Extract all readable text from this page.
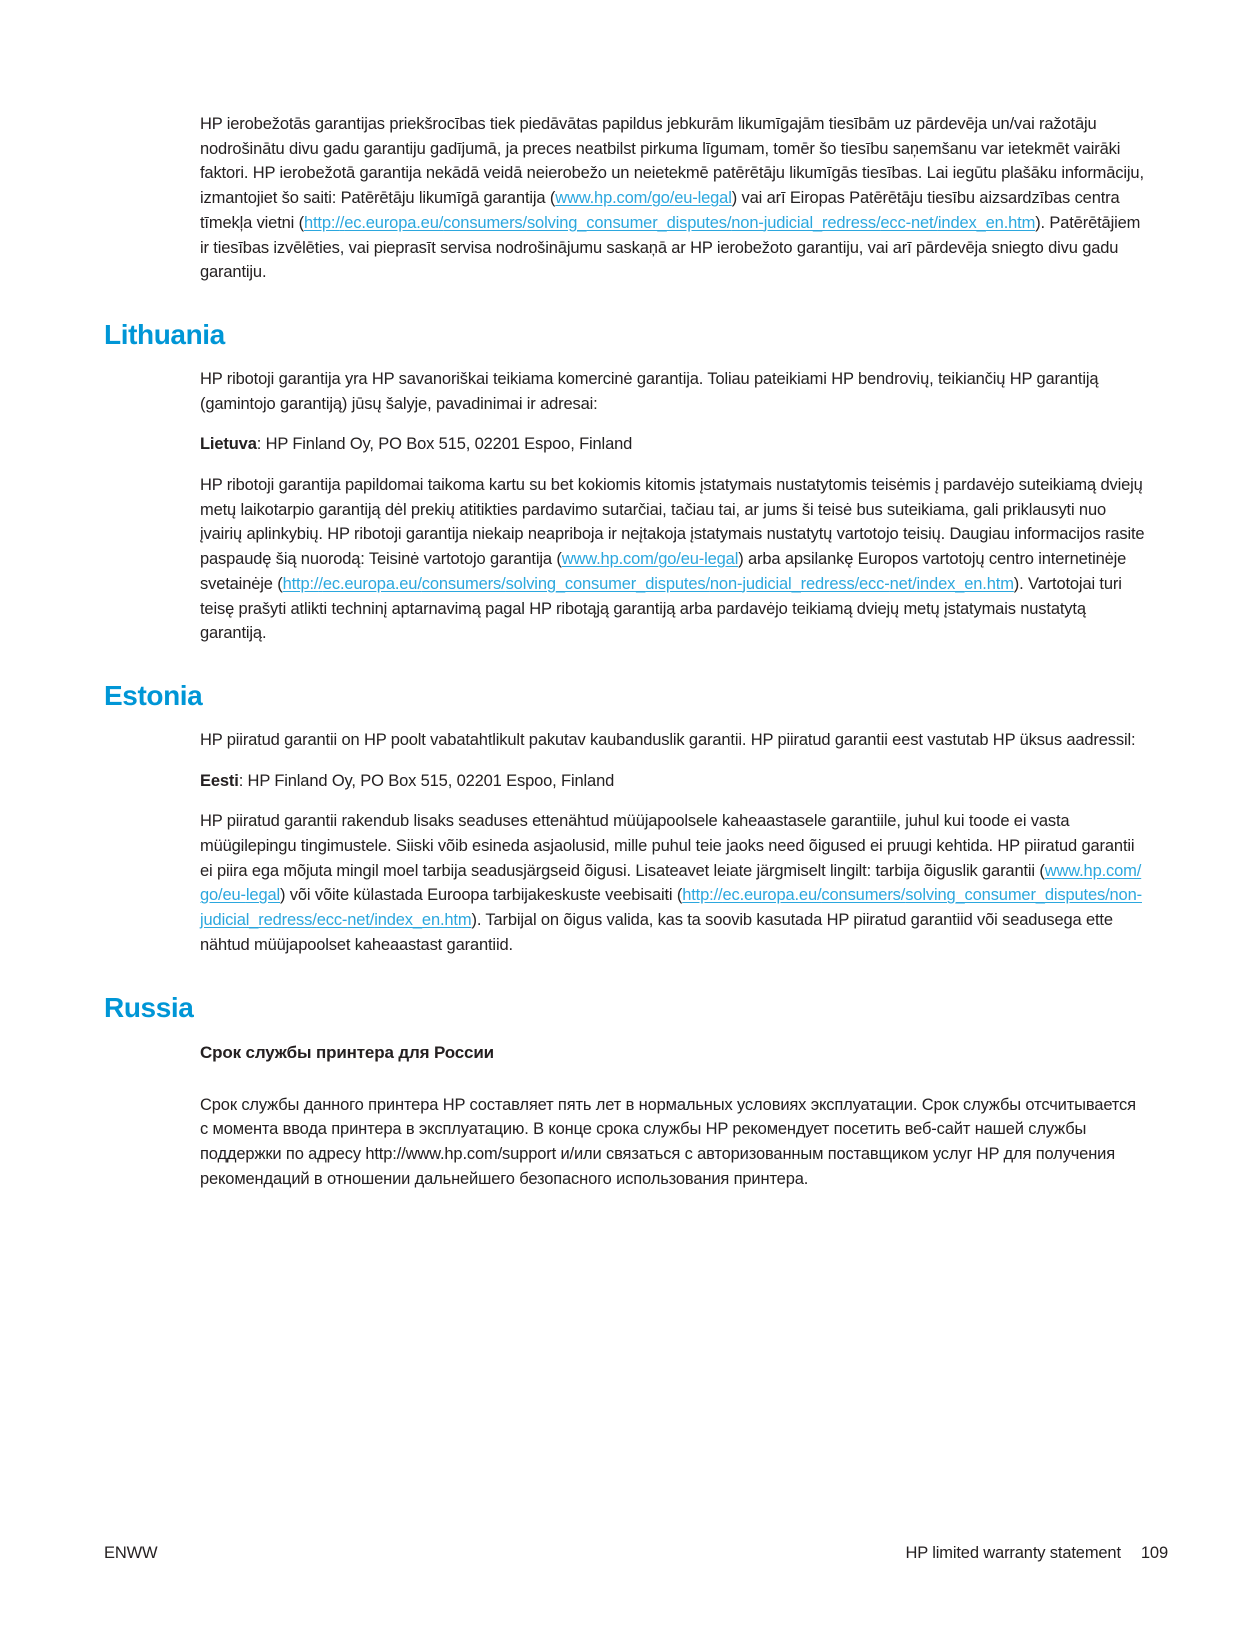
HP ierobežotās garantijas priekšrocības tiek piedāvātas papildus jebkurām likumīgajām tiesībām uz pārdevēja un/vai ražotāju nodrošinātu divu gadu garantiju gadījumā, ja preces neatbilst pirkuma līgumam, tomēr šo tiesību saņemšanu var ietekmēt vairāki faktori. HP ierobežotā garantija nekādā veidā neierobežo un neietekmē patērētāju likumīgās tiesības. Lai iegūtu plašāku informāciju, izmantojiet šo saiti: Patērētāju likumīgā garantija (www.hp.com/go/eu-legal) vai arī Eiropas Patērētāju tiesību aizsardzības centra tīmekļa vietni (http://ec.europa.eu/consumers/solving_consumer_disputes/non-judicial_redress/ecc-net/index_en.htm). Patērētājiem ir tiesības izvēlēties, vai pieprasīt servisa nodrošinājumu saskaņā ar HP ierobežoto garantiju, vai arī pārdevēja sniegto divu gadu garantiju.

Lithuania

HP ribotoji garantija yra HP savanoriškai teikiama komercinė garantija. Toliau pateikiami HP bendrovių, teikiančių HP garantiją (gamintojo garantiją) jūsų šalyje, pavadinimai ir adresai:

Lietuva: HP Finland Oy, PO Box 515, 02201 Espoo, Finland

HP ribotoji garantija papildomai taikoma kartu su bet kokiomis kitomis įstatymais nustatytomis teisėmis į pardavėjo suteikiamą dviejų metų laikotarpio garantiją dėl prekių atitikties pardavimo sutarčiai, tačiau tai, ar jums ši teisė bus suteikiama, gali priklausyti nuo įvairių aplinkybių. HP ribotoji garantija niekaip neapriboja ir neįtakoja įstatymais nustatytų vartotojo teisių. Daugiau informacijos rasite paspaudę šią nuorodą: Teisinė vartotojo garantija (www.hp.com/go/eu-legal) arba apsilankę Europos vartotojų centro internetinėje svetainėje (http://ec.europa.eu/consumers/solving_consumer_disputes/non-judicial_redress/ecc-net/index_en.htm). Vartotojai turi teisę prašyti atlikti techninį aptarnavimą pagal HP ribotąją garantiją arba pardavėjo teikiamą dviejų metų įstatymais nustatytą garantiją.

Estonia

HP piiratud garantii on HP poolt vabatahtlikult pakutav kaubanduslik garantii. HP piiratud garantii eest vastutab HP üksus aadressil:

Eesti: HP Finland Oy, PO Box 515, 02201 Espoo, Finland

HP piiratud garantii rakendub lisaks seaduses ettenähtud müüjapoolsele kaheaastasele garantiile, juhul kui toode ei vasta müügilepingu tingimustele. Siiski võib esineda asjaolusid, mille puhul teie jaoks need õigused ei pruugi kehtida. HP piiratud garantii ei piira ega mõjuta mingil moel tarbija seadusjärgseid õigusi. Lisateavet leiate järgmiselt lingilt: tarbija õiguslik garantii (www.hp.com/go/eu-legal) või võite külastada Euroopa tarbijakeskuste veebisaiti (http://ec.europa.eu/consumers/solving_consumer_disputes/non-judicial_redress/ecc-net/index_en.htm). Tarbijal on õigus valida, kas ta soovib kasutada HP piiratud garantiid või seadusega ette nähtud müüjapoolset kaheaastast garantiid.

Russia

Срок службы принтера для России

Срок службы данного принтера HP составляет пять лет в нормальных условиях эксплуатации. Срок службы отсчитывается с момента ввода принтера в эксплуатацию. В конце срока службы HP рекомендует посетить веб-сайт нашей службы поддержки по адресу http://www.hp.com/support и/или связаться с авторизованным поставщиком услуг HP для получения рекомендаций в отношении дальнейшего безопасного использования принтера.

ENWW	HP limited warranty statement 109
